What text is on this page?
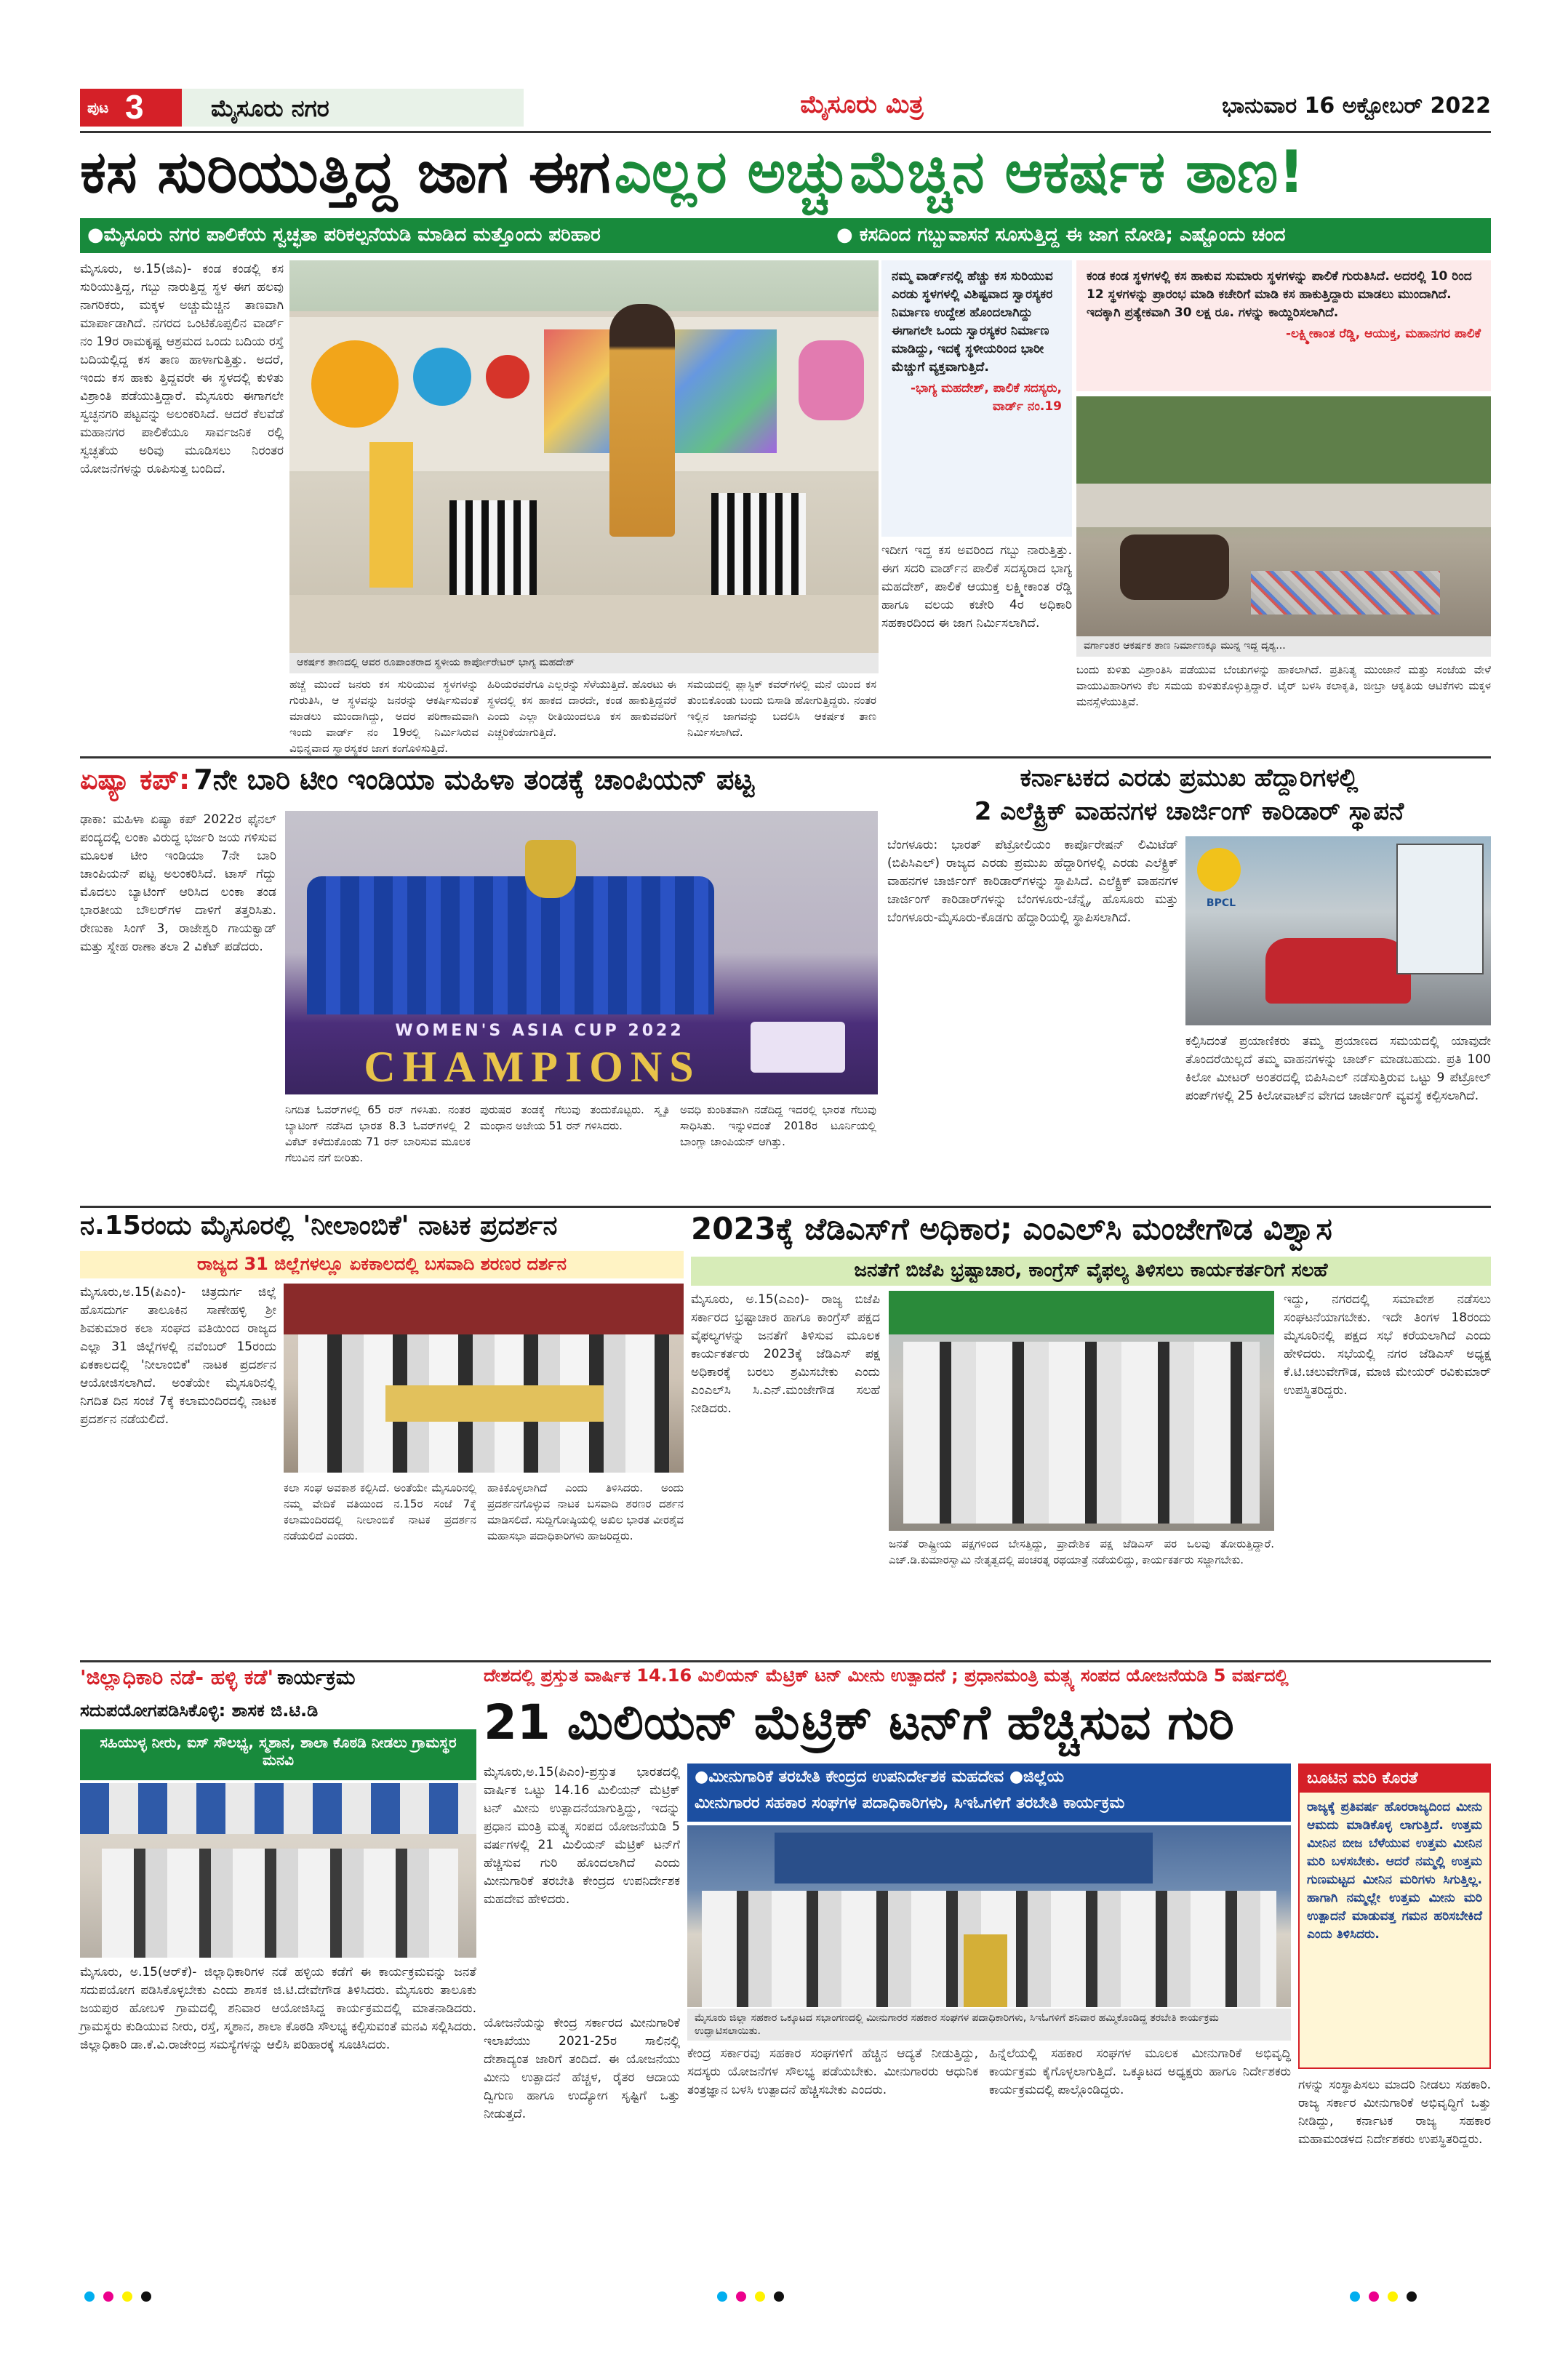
ಪುಟ 3	ಮೈಸೂರು ನಗರ	ಮೈಸೂರು ಮಿತ್ರ	ಭಾನುವಾರ 16 ಅಕ್ಟೋಬರ್ 2022
ಕಸ ಸುರಿಯುತ್ತಿದ್ದ ಜಾಗ ಈಗ ಎಲ್ಲರ ಅಚ್ಚುಮೆಚ್ಚಿನ ಆಕರ್ಷಕ ತಾಣ!
●ಮೈಸೂರು ನಗರ ಪಾಲಿಕೆಯ ಸ್ವಚ್ಛತಾ ಪರಿಕಲ್ಪನೆಯಡಿ ಮಾಡಿದ ಮತ್ತೊಂದು ಪರಿಹಾರ	● ಕಸದಿಂದ ಗಬ್ಬುವಾಸನೆ ಸೂಸುತ್ತಿದ್ದ ಈ ಜಾಗ ನೋಡಿ; ಎಷ್ಟೊಂದು ಚಂದ
ಮೈಸೂರು, ಅ.15(ಜಿಎ)- ಕಂಡ ಕಂಡಲ್ಲಿ ಕಸ ಸುರಿಯುತ್ತಿದ್ದ, ಗಬ್ಬು ನಾರುತ್ತಿದ್ದ ಸ್ಥಳ ಈಗ ಹಲವು ನಾಗರಿಕರು, ಮಕ್ಕಳ ಅಚ್ಚುಮೆಚ್ಚಿನ ತಾಣವಾಗಿ ಮಾರ್ಪಾಡಾಗಿದೆ. ನಗರದ ಒಂಟಿಕೊಪ್ಪಲಿನ ವಾರ್ಡ್ ನಂ 19ರ ರಾಮಕೃಷ್ಣ ಆಶ್ರಮದ ಒಂದು ಬದಿಯ ರಸ್ತೆ ಬದಿಯಲ್ಲಿದ್ದ ಕಸ ತಾಣ ಹಾಳಾಗುತ್ತಿತ್ತು. ಅದರೆ, ಇಂದು ಕಸ ಹಾಕು ತ್ತಿದ್ದವರೇ ಈ ಸ್ಥಳದಲ್ಲಿ ಕುಳಿತು ವಿಶ್ರಾಂತಿ ಪಡೆಯುತ್ತಿದ್ದಾರೆ. ಮೈಸೂರು ಈಗಾಗಲೇ ಸ್ವಚ್ಛನಗರಿ ಪಟ್ಟವನ್ನು ಅಲಂಕರಿಸಿದೆ. ಆದರೆ ಕೆಲವೆಡೆ ಮಹಾನಗರ ಪಾಲಿಕೆಯೂ ಸಾರ್ವಜನಿಕ ರಲ್ಲಿ ಸ್ವಚ್ಛತೆಯ ಅರಿವು ಮೂಡಿಸಲು ನಿರಂತರ ಯೋಜನೆಗಳನ್ನು ರೂಪಿಸುತ್ತ ಬಂದಿದೆ.
ಆಕರ್ಷಕ ತಾಣದಲ್ಲಿ ಆವರ ರೂಪಾಂತರಾದ ಸ್ಥಳೀಯ ಕಾರ್ಪೋರೇಟರ್ ಭಾಗ್ಯ ಮಹದೇಶ್
ಹಚ್ಚೆ ಮುಂದೆ ಜನರು ಕಸ ಸುರಿಯುವ ಸ್ಥಳಗಳನ್ನು ಗುರುತಿಸಿ, ಆ ಸ್ಥಳವನ್ನು ಜನರನ್ನು ಆಕರ್ಷಿಸುವಂತೆ ಮಾಡಲು ಮುಂದಾಗಿದ್ದು, ಅದರ ಪರಿಣಾಮವಾಗಿ ಇಂದು ವಾರ್ಡ್ ನಂ 19ರಲ್ಲಿ ನಿರ್ಮಿಸಿರುವ ವಿಭಿನ್ನವಾದ ಸ್ವಾರಸ್ಯಕರ ಜಾಗ ಕಂಗೊಳಿಸುತ್ತಿದೆ.
ಹಿರಿಯರವರೆಗೂ ಎಲ್ಲರನ್ನು ಸೆಳೆಯುತ್ತಿದೆ. ಹೊರಟು ಈ ಸ್ಥಳದಲ್ಲಿ ಕಸ ಹಾಕದ ದಾರದೇ, ಕಂಡ ಹಾಕುತ್ತಿದ್ದವರೆ ಎಂದು ಎಲ್ಲಾ ರೀತಿಯಿಂದಲೂ ಕಸ ಹಾಕುವವರಿಗೆ ಎಚ್ಚರಿಕೆಯಾಗುತ್ತಿದೆ.
ಸಮಯದಲ್ಲಿ ಪ್ಲಾಸ್ಟಿಕ್ ಕವರ್‌ಗಳಲ್ಲಿ ಮನೆ ಯಿಂದ ಕಸ ತುಂಬಿಕೊಂಡು ಬಂದು ಬಿಸಾಡಿ ಹೋಗುತ್ತಿದ್ದರು. ನಂತರ ಇಲ್ಲಿನ ಜಾಗವನ್ನು ಬದಲಿಸಿ ಆಕರ್ಷಕ ತಾಣ ನಿರ್ಮಿಸಲಾಗಿದೆ.
ನಮ್ಮ ವಾರ್ಡ್‌ನಲ್ಲಿ ಹೆಚ್ಚು ಕಸ ಸುರಿಯುವ ಎರಡು ಸ್ಥಳಗಳಲ್ಲಿ ವಿಶಿಷ್ಟವಾದ ಸ್ವಾರಸ್ಯಕರ ನಿರ್ಮಾಣ ಉದ್ದೇಶ ಹೊಂದಲಾಗಿದ್ದು ಈಗಾಗಲೇ ಒಂದು ಸ್ವಾರಸ್ಯಕರ ನಿರ್ಮಾಣ ಮಾಡಿದ್ದು, ಇದಕ್ಕೆ ಸ್ಥಳೀಯರಿಂದ ಭಾರೀ ಮೆಚ್ಚುಗೆ ವ್ಯಕ್ತವಾಗುತ್ತಿದೆ.
-ಭಾಗ್ಯ ಮಹದೇಶ್, ಪಾಲಿಕೆ ಸದಸ್ಯರು, ವಾರ್ಡ್ ನಂ.19
ಇದೀಗ ಇದ್ದ ಕಸ ಅವರಿಂದ ಗಬ್ಬು ನಾರುತ್ತಿತ್ತು. ಈಗ ಸದರಿ ವಾರ್ಡ್‌ನ ಪಾಲಿಕೆ ಸದಸ್ಯರಾದ ಭಾಗ್ಯ ಮಹದೇಶ್, ಪಾಲಿಕೆ ಆಯುಕ್ತ ಲಕ್ಷ್ಮೀಕಾಂತ ರೆಡ್ಡಿ ಹಾಗೂ ವಲಯ ಕಚೇರಿ 4ರ ಅಧಿಕಾರಿ ಸಹಕಾರದಿಂದ ಈ ಜಾಗ ನಿರ್ಮಿಸಲಾಗಿದೆ.
ಕಂಡ ಕಂಡ ಸ್ಥಳಗಳಲ್ಲಿ ಕಸ ಹಾಕುವ ಸುಮಾರು ಸ್ಥಳಗಳನ್ನು ಪಾಲಿಕೆ ಗುರುತಿಸಿದೆ. ಅದರಲ್ಲಿ 10 ರಿಂದ 12 ಸ್ಥಳಗಳನ್ನು ಪ್ರಾರಂಭ ಮಾಡಿ ಕಚೇರಿಗೆ ಮಾಡಿ ಕಸ ಹಾಕುತ್ತಿದ್ದಾರು ಮಾಡಲು ಮುಂದಾಗಿದೆ. ಇದಕ್ಕಾಗಿ ಪ್ರತ್ಯೇಕವಾಗಿ 30 ಲಕ್ಷ ರೂ. ಗಳನ್ನು ಕಾಯ್ದಿರಿಸಲಾಗಿದೆ.
-ಲಕ್ಷ್ಮೀಕಾಂತ ರೆಡ್ಡಿ, ಆಯುಕ್ತ, ಮಹಾನಗರ ಪಾಲಿಕೆ
ವರ್ಗಾಂತರ ಆಕರ್ಷಕ ತಾಣ ನಿರ್ಮಾಣಕ್ಕೂ ಮುನ್ನ ಇದ್ದ ದೃಶ್ಯ...
ಬಂದು ಕುಳಿತು ವಿಶ್ರಾಂತಿಸಿ ಪಡೆಯುವ ಬೆಂಚುಗಳನ್ನು ಹಾಕಲಾಗಿದೆ. ಪ್ರತಿನಿತ್ಯ ಮುಂಜಾನೆ ಮತ್ತು ಸಂಜೆಯ ವೇಳೆ ವಾಯುವಿಹಾರಿಗಳು ಕೆಲ ಸಮಯ ಕುಳಿತುಕೊಳ್ಳುತ್ತಿದ್ದಾರೆ. ಟೈರ್ ಬಳಸಿ ಕಲಾಕೃತಿ, ಜೀಬ್ರಾ ಆಕೃತಿಯ ಆಟಿಕೆಗಳು ಮಕ್ಕಳ ಮನಸ್ಸೆಳೆಯುತ್ತಿವೆ.
ಏಷ್ಯಾ ಕಪ್: 7ನೇ ಬಾರಿ ಟೀಂ ಇಂಡಿಯಾ ಮಹಿಳಾ ತಂಡಕ್ಕೆ ಚಾಂಪಿಯನ್ ಪಟ್ಟ
ಢಾಕಾ: ಮಹಿಳಾ ಏಷ್ಯಾ ಕಪ್ 2022ರ ಫೈನಲ್ ಪಂದ್ಯದಲ್ಲಿ ಲಂಕಾ ವಿರುದ್ಧ ಭರ್ಜರಿ ಜಯ ಗಳಿಸುವ ಮೂಲಕ ಟೀಂ ಇಂಡಿಯಾ 7ನೇ ಬಾರಿ ಚಾಂಪಿಯನ್ ಪಟ್ಟ ಅಲಂಕರಿಸಿದೆ. ಟಾಸ್ ಗೆದ್ದು ಮೊದಲು ಬ್ಯಾಟಿಂಗ್ ಆರಿಸಿದ ಲಂಕಾ ತಂಡ ಭಾರತೀಯ ಬೌಲರ್‌ಗಳ ದಾಳಿಗೆ ತತ್ತರಿಸಿತು. ರೇಣುಕಾ ಸಿಂಗ್ 3, ರಾಜೇಶ್ವರಿ ಗಾಯಕ್ವಾಡ್ ಮತ್ತು ಸ್ನೇಹ ರಾಣಾ ತಲಾ 2 ವಿಕೆಟ್ ಪಡೆದರು.
WOMEN'S ASIA CUP 2022
CHAMPIONS
ನಿಗದಿತ ಓವರ್‌ಗಳಲ್ಲಿ 65 ರನ್ ಗಳಿಸಿತು. ನಂತರ ಬ್ಯಾಟಿಂಗ್ ನಡೆಸಿದ ಭಾರತ 8.3 ಓವರ್‌ಗಳಲ್ಲಿ 2 ವಿಕೆಟ್ ಕಳೆದುಕೊಂಡು 71 ರನ್ ಬಾರಿಸುವ ಮೂಲಕ ಗೆಲುವಿನ ನಗೆ ಬೀರಿತು.
ಪುರುಷರ ತಂಡಕ್ಕೆ ಗೆಲುವು ತಂದುಕೊಟ್ಟರು. ಸ್ಮೃತಿ ಮಂಧಾನ ಅಜೇಯ 51 ರನ್ ಗಳಿಸಿದರು.
ಅವಧಿ ಕುಂಠಿತವಾಗಿ ನಡೆದಿದ್ದ ಇದರಲ್ಲಿ ಭಾರತ ಗೆಲುವು ಸಾಧಿಸಿತು. ಇನ್ನುಳಿದಂತೆ 2018ರ ಟೂರ್ನಿಯಲ್ಲಿ ಬಾಂಗ್ಲಾ ಚಾಂಪಿಯನ್ ಆಗಿತ್ತು.
ಕರ್ನಾಟಕದ ಎರಡು ಪ್ರಮುಖ ಹೆದ್ದಾರಿಗಳಲ್ಲಿ
2 ಎಲೆಕ್ಟ್ರಿಕ್ ವಾಹನಗಳ ಚಾರ್ಜಿಂಗ್ ಕಾರಿಡಾರ್ ಸ್ಥಾಪನೆ
ಬೆಂಗಳೂರು: ಭಾರತ್ ಪೆಟ್ರೋಲಿಯಂ ಕಾರ್ಪೊರೇಷನ್ ಲಿಮಿಟೆಡ್ (ಬಿಪಿಸಿಎಲ್) ರಾಜ್ಯದ ಎರಡು ಪ್ರಮುಖ ಹೆದ್ದಾರಿಗಳಲ್ಲಿ ಎರಡು ಎಲೆಕ್ಟ್ರಿಕ್ ವಾಹನಗಳ ಚಾರ್ಜಿಂಗ್ ಕಾರಿಡಾರ್‌ಗಳನ್ನು ಸ್ಥಾಪಿಸಿದೆ. ಎಲೆಕ್ಟ್ರಿಕ್ ವಾಹನಗಳ ಚಾರ್ಜಿಂಗ್ ಕಾರಿಡಾರ್‌ಗಳನ್ನು ಬೆಂಗಳೂರು-ಚೆನ್ನೈ, ಹೊಸೂರು ಮತ್ತು ಬೆಂಗಳೂರು-ಮೈಸೂರು-ಕೊಡಗು ಹೆದ್ದಾರಿಯಲ್ಲಿ ಸ್ಥಾಪಿಸಲಾಗಿದೆ.
BPCL
ಕಲ್ಪಿಸಿದಂತೆ ಪ್ರಯಾಣಿಕರು ತಮ್ಮ ಪ್ರಯಾಣದ ಸಮಯದಲ್ಲಿ ಯಾವುದೇ ತೊಂದರೆಯಿಲ್ಲದೆ ತಮ್ಮ ವಾಹನಗಳನ್ನು ಚಾರ್ಜ್ ಮಾಡಬಹುದು. ಪ್ರತಿ 100 ಕಿಲೋ ಮೀಟರ್ ಅಂತರದಲ್ಲಿ ಬಿಪಿಸಿಎಲ್ ನಡೆಸುತ್ತಿರುವ ಒಟ್ಟು 9 ಪೆಟ್ರೋಲ್ ಪಂಪ್‌ಗಳಲ್ಲಿ 25 ಕಿಲೋವಾಟ್‌ನ ವೇಗದ ಚಾರ್ಜಿಂಗ್ ವ್ಯವಸ್ಥೆ ಕಲ್ಪಿಸಲಾಗಿದೆ.
ನ.15ರಂದು ಮೈಸೂರಲ್ಲಿ 'ನೀಲಾಂಬಿಕೆ' ನಾಟಕ ಪ್ರದರ್ಶನ
ರಾಜ್ಯದ 31 ಜಿಲ್ಲೆಗಳಲ್ಲೂ ಏಕಕಾಲದಲ್ಲಿ ಬಸವಾದಿ ಶರಣರ ದರ್ಶನ
ಮೈಸೂರು,ಅ.15(ಪಿಎಂ)- ಚಿತ್ರದುರ್ಗ ಜಿಲ್ಲೆ ಹೊಸದುರ್ಗ ತಾಲೂಕಿನ ಸಾಣೇಹಳ್ಳಿ ಶ್ರೀ ಶಿವಕುಮಾರ ಕಲಾ ಸಂಘದ ವತಿಯಿಂದ ರಾಜ್ಯದ ಎಲ್ಲಾ 31 ಜಿಲ್ಲೆಗಳಲ್ಲಿ ನವೆಂಬರ್ 15ರಂದು ಏಕಕಾಲದಲ್ಲಿ 'ನೀಲಾಂಬಿಕೆ' ನಾಟಕ ಪ್ರದರ್ಶನ ಆಯೋಜಿಸಲಾಗಿದೆ. ಅಂತೆಯೇ ಮೈಸೂರಿನಲ್ಲಿ ನಿಗದಿತ ದಿನ ಸಂಜೆ 7ಕ್ಕೆ ಕಲಾಮಂದಿರದಲ್ಲಿ ನಾಟಕ ಪ್ರದರ್ಶನ ನಡೆಯಲಿದೆ.
ಕಲಾ ಸಂಘ ಅವಕಾಶ ಕಲ್ಪಿಸಿದೆ. ಅಂತೆಯೇ ಮೈಸೂರಿನಲ್ಲಿ ನಮ್ಮ ವೇದಿಕೆ ವತಿಯಿಂದ ನ.15ರ ಸಂಜೆ 7ಕ್ಕೆ ಕಲಾಮಂದಿರದಲ್ಲಿ ನೀಲಾಂಬಿಕೆ ನಾಟಕ ಪ್ರದರ್ಶನ ನಡೆಯಲಿದೆ ಎಂದರು.
ಹಾಕಿಕೊಳ್ಳಲಾಗಿದೆ ಎಂದು ತಿಳಿಸಿದರು. ಅಂದು ಪ್ರದರ್ಶನಗೊಳ್ಳುವ ನಾಟಕ ಬಸವಾದಿ ಶರಣರ ದರ್ಶನ ಮಾಡಿಸಲಿದೆ. ಸುದ್ದಿಗೋಷ್ಠಿಯಲ್ಲಿ ಅಖಿಲ ಭಾರತ ವೀರಶೈವ ಮಹಾಸಭಾ ಪದಾಧಿಕಾರಿಗಳು ಹಾಜರಿದ್ದರು.
2023ಕ್ಕೆ ಜೆಡಿಎಸ್‌ಗೆ ಅಧಿಕಾರ; ಎಂಎಲ್‌ಸಿ ಮಂಜೇಗೌಡ ವಿಶ್ವಾಸ
ಜನತೆಗೆ ಬಿಜೆಪಿ ಭ್ರಷ್ಟಾಚಾರ, ಕಾಂಗ್ರೆಸ್ ವೈಫಲ್ಯ ತಿಳಿಸಲು ಕಾರ್ಯಕರ್ತರಿಗೆ ಸಲಹೆ
ಮೈಸೂರು, ಅ.15(ಎಎಂ)- ರಾಜ್ಯ ಬಿಜೆಪಿ ಸರ್ಕಾರದ ಭ್ರಷ್ಟಾಚಾರ ಹಾಗೂ ಕಾಂಗ್ರೆಸ್ ಪಕ್ಷದ ವೈಫಲ್ಯಗಳನ್ನು ಜನತೆಗೆ ತಿಳಿಸುವ ಮೂಲಕ ಕಾರ್ಯಕರ್ತರು 2023ಕ್ಕೆ ಜೆಡಿಎಸ್ ಪಕ್ಷ ಅಧಿಕಾರಕ್ಕೆ ಬರಲು ಶ್ರಮಿಸಬೇಕು ಎಂದು ಎಂಎಲ್‌ಸಿ ಸಿ.ಎನ್.ಮಂಜೇಗೌಡ ಸಲಹೆ ನೀಡಿದರು.
ಜನತೆ ರಾಷ್ಟ್ರೀಯ ಪಕ್ಷಗಳಿಂದ ಬೇಸತ್ತಿದ್ದು, ಪ್ರಾದೇಶಿಕ ಪಕ್ಷ ಜೆಡಿಎಸ್ ಪರ ಒಲವು ತೋರುತ್ತಿದ್ದಾರೆ. ಎಚ್.ಡಿ.ಕುಮಾರಸ್ವಾಮಿ ನೇತೃತ್ವದಲ್ಲಿ ಪಂಚರತ್ನ ರಥಯಾತ್ರೆ ನಡೆಯಲಿದ್ದು, ಕಾರ್ಯಕರ್ತರು ಸಜ್ಜಾಗಬೇಕು.
ಇದ್ದು, ನಗರದಲ್ಲಿ ಸಮಾವೇಶ ನಡೆಸಲು ಸಂಘಟನೆಯಾಗಬೇಕು. ಇದೇ ತಿಂಗಳ 18ರಂದು ಮೈಸೂರಿನಲ್ಲಿ ಪಕ್ಷದ ಸಭೆ ಕರೆಯಲಾಗಿದೆ ಎಂದು ಹೇಳಿದರು. ಸಭೆಯಲ್ಲಿ ನಗರ ಜೆಡಿಎಸ್ ಅಧ್ಯಕ್ಷ ಕೆ.ಟಿ.ಚಲುವೇಗೌಡ, ಮಾಜಿ ಮೇಯರ್ ರವಿಕುಮಾರ್ ಉಪಸ್ಥಿತರಿದ್ದರು.
'ಜಿಲ್ಲಾಧಿಕಾರಿ ನಡೆ- ಹಳ್ಳಿ ಕಡೆ' ಕಾರ್ಯಕ್ರಮ
ಸದುಪಯೋಗಪಡಿಸಿಕೊಳ್ಳಿ: ಶಾಸಕ ಜಿ.ಟಿ.ಡಿ
ಸಹಿಯುಳ್ಳ ನೀರು, ಐಸ್ ಸೌಲಭ್ಯ, ಸ್ಮಶಾನ, ಶಾಲಾ ಕೊಠಡಿ ನೀಡಲು ಗ್ರಾಮಸ್ಥರ ಮನವಿ
ಮೈಸೂರು, ಅ.15(ಆರ್‌ಕೆ)- ಜಿಲ್ಲಾಧಿಕಾರಿಗಳ ನಡೆ ಹಳ್ಳಿಯ ಕಡೆಗೆ ಈ ಕಾರ್ಯಕ್ರಮವನ್ನು ಜನತೆ ಸದುಪಯೋಗ ಪಡಿಸಿಕೊಳ್ಳಬೇಕು ಎಂದು ಶಾಸಕ ಜಿ.ಟಿ.ದೇವೇಗೌಡ ತಿಳಿಸಿದರು. ಮೈಸೂರು ತಾಲೂಕು ಜಯಪುರ ಹೋಬಳಿ ಗ್ರಾಮದಲ್ಲಿ ಶನಿವಾರ ಆಯೋಜಿಸಿದ್ದ ಕಾರ್ಯಕ್ರಮದಲ್ಲಿ ಮಾತನಾಡಿದರು. ಗ್ರಾಮಸ್ಥರು ಕುಡಿಯುವ ನೀರು, ರಸ್ತೆ, ಸ್ಮಶಾನ, ಶಾಲಾ ಕೊಠಡಿ ಸೌಲಭ್ಯ ಕಲ್ಪಿಸುವಂತೆ ಮನವಿ ಸಲ್ಲಿಸಿದರು. ಜಿಲ್ಲಾಧಿಕಾರಿ ಡಾ.ಕೆ.ವಿ.ರಾಜೇಂದ್ರ ಸಮಸ್ಯೆಗಳನ್ನು ಆಲಿಸಿ ಪರಿಹಾರಕ್ಕೆ ಸೂಚಿಸಿದರು.
ದೇಶದಲ್ಲಿ ಪ್ರಸ್ತುತ ವಾರ್ಷಿಕ 14.16 ಮಿಲಿಯನ್ ಮೆಟ್ರಿಕ್ ಟನ್ ಮೀನು ಉತ್ಪಾದನೆ ; ಪ್ರಧಾನಮಂತ್ರಿ ಮತ್ಸ್ಯ ಸಂಪದ ಯೋಜನೆಯಡಿ 5 ವರ್ಷದಲ್ಲಿ
21 ಮಿಲಿಯನ್ ಮೆಟ್ರಿಕ್ ಟನ್‌ಗೆ ಹೆಚ್ಚಿಸುವ ಗುರಿ
ಮೈಸೂರು,ಅ.15(ಪಿಎಂ)-ಪ್ರಸ್ತುತ ಭಾರತದಲ್ಲಿ ವಾರ್ಷಿಕ ಒಟ್ಟು 14.16 ಮಿಲಿಯನ್ ಮೆಟ್ರಿಕ್ ಟನ್ ಮೀನು ಉತ್ಪಾದನೆಯಾಗುತ್ತಿದ್ದು, ಇದನ್ನು ಪ್ರಧಾನ ಮಂತ್ರಿ ಮತ್ಸ್ಯ ಸಂಪದ ಯೋಜನೆಯಡಿ 5 ವರ್ಷಗಳಲ್ಲಿ 21 ಮಿಲಿಯನ್ ಮೆಟ್ರಿಕ್ ಟನ್‌ಗೆ ಹೆಚ್ಚಿಸುವ ಗುರಿ ಹೊಂದಲಾಗಿದೆ ಎಂದು ಮೀನುಗಾರಿಕೆ ತರಬೇತಿ ಕೇಂದ್ರದ ಉಪನಿರ್ದೇಶಕ ಮಹದೇವ ಹೇಳಿದರು.
●ಮೀನುಗಾರಿಕೆ ತರಬೇತಿ ಕೇಂದ್ರದ ಉಪನಿರ್ದೇಶಕ ಮಹದೇವ ●ಜಿಲ್ಲೆಯ
ಮೀನುಗಾರರ ಸಹಕಾರ ಸಂಘಗಳ ಪದಾಧಿಕಾರಿಗಳು, ಸಿಇಓಗಳಿಗೆ ತರಬೇತಿ ಕಾರ್ಯಕ್ರಮ
ಮೈಸೂರು ಜಿಲ್ಲಾ ಸಹಕಾರ ಒಕ್ಕೂಟದ ಸಭಾಂಗಣದಲ್ಲಿ ಮೀನುಗಾರರ ಸಹಕಾರ ಸಂಘಗಳ ಪದಾಧಿಕಾರಿಗಳು, ಸಿಇಓಗಳಿಗೆ ಶನಿವಾರ ಹಮ್ಮಿಕೊಂಡಿದ್ದ ತರಬೇತಿ ಕಾರ್ಯಕ್ರಮ ಉದ್ಘಾಟಿಸಲಾಯಿತು.
ಯೋಜನೆಯನ್ನು ಕೇಂದ್ರ ಸರ್ಕಾರದ ಮೀನುಗಾರಿಕೆ ಇಲಾಖೆಯು 2021-25ರ ಸಾಲಿನಲ್ಲಿ ದೇಶಾದ್ಯಂತ ಜಾರಿಗೆ ತಂದಿದೆ. ಈ ಯೋಜನೆಯು ಮೀನು ಉತ್ಪಾದನೆ ಹೆಚ್ಚಳ, ರೈತರ ಆದಾಯ ದ್ವಿಗುಣ ಹಾಗೂ ಉದ್ಯೋಗ ಸೃಷ್ಟಿಗೆ ಒತ್ತು ನೀಡುತ್ತದೆ.
ಕೇಂದ್ರ ಸರ್ಕಾರವು ಸಹಕಾರ ಸಂಘಗಳಿಗೆ ಹೆಚ್ಚಿನ ಆದ್ಯತೆ ನೀಡುತ್ತಿದ್ದು, ಸದಸ್ಯರು ಯೋಜನೆಗಳ ಸೌಲಭ್ಯ ಪಡೆಯಬೇಕು. ಮೀನುಗಾರರು ಆಧುನಿಕ ತಂತ್ರಜ್ಞಾನ ಬಳಸಿ ಉತ್ಪಾದನೆ ಹೆಚ್ಚಿಸಬೇಕು ಎಂದರು.
ಹಿನ್ನೆಲೆಯಲ್ಲಿ ಸಹಕಾರ ಸಂಘಗಳ ಮೂಲಕ ಮೀನುಗಾರಿಕೆ ಅಭಿವೃದ್ಧಿ ಕಾರ್ಯಕ್ರಮ ಕೈಗೊಳ್ಳಲಾಗುತ್ತಿದೆ. ಒಕ್ಕೂಟದ ಅಧ್ಯಕ್ಷರು ಹಾಗೂ ನಿರ್ದೇಶಕರು ಕಾರ್ಯಕ್ರಮದಲ್ಲಿ ಪಾಲ್ಗೊಂಡಿದ್ದರು.
ಬೂಟಿನ ಮರಿ ಕೊರತೆ
ರಾಜ್ಯಕ್ಕೆ ಪ್ರತಿವರ್ಷ ಹೊರರಾಜ್ಯದಿಂದ ಮೀನು ಆಮದು ಮಾಡಿಕೊಳ್ಳ ಲಾಗುತ್ತಿದೆ. ಉತ್ತಮ ಮೀನಿನ ಬೀಜ ಬೆಳೆಯುವ ಉತ್ತಮ ಮೀನಿನ ಮರಿ ಬಳಸಬೇಕು. ಆದರೆ ನಮ್ಮಲ್ಲಿ ಉತ್ತಮ ಗುಣಮಟ್ಟದ ಮೀನಿನ ಮರಿಗಳು ಸಿಗುತ್ತಿಲ್ಲ. ಹಾಗಾಗಿ ನಮ್ಮಲ್ಲೇ ಉತ್ತಮ ಮೀನು ಮರಿ ಉತ್ಪಾದನೆ ಮಾಡುವತ್ತ ಗಮನ ಹರಿಸಬೇಕಿದೆ ಎಂದು ತಿಳಿಸಿದರು.
ಗಳನ್ನು ಸಂಸ್ಥಾಪಿಸಲು ಮಾದರಿ ನೀಡಲು ಸಹಕಾರಿ. ರಾಜ್ಯ ಸರ್ಕಾರ ಮೀನುಗಾರಿಕೆ ಅಭಿವೃದ್ಧಿಗೆ ಒತ್ತು ನೀಡಿದ್ದು, ಕರ್ನಾಟಕ ರಾಜ್ಯ ಸಹಕಾರ ಮಹಾಮಂಡಳದ ನಿರ್ದೇಶಕರು ಉಪಸ್ಥಿತರಿದ್ದರು.
